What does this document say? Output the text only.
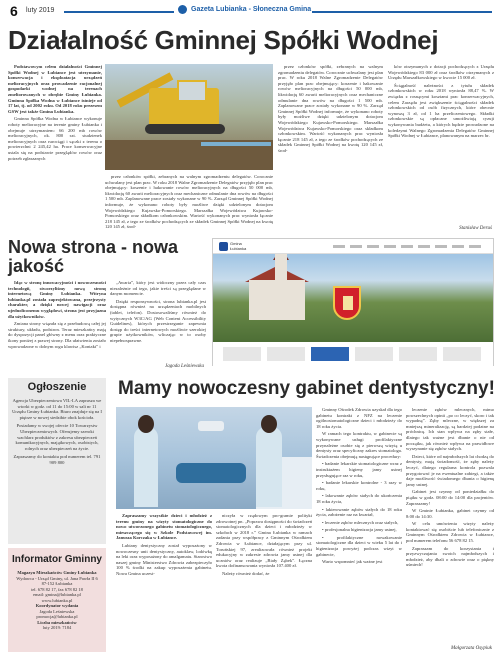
6 luty 2019	Gazeta Lubianka - Słoneczna Gmina
Działalność Gminnej Spółki Wodnej

Podstawowym celem działalności Gminnej Spółki Wodnej w Łubiance jest utrzymanie, konserwacja i eksploatacja urządzeń melioracyjnych oraz prowadzenie racjonalnej gospodarki wodnej na terenach zmeliorowanych w obrębie Gminy Łubianka. Gminna Spółka Wodna w Łubiance istnieje od 17 lat, tj. od 2002 roku. Od 2018 roku prezesem GSW jest także Gmina Łubianka.

Gminna Spółka Wodna w Łubiance wykonuje roboty melioracyjne na terenie gminy Łubianka i obejmuje utrzymaniem: 66 200 mb rowów melioracyjnych, ok. 800 szt. studzienek melioracyjnych oraz rurociągi i sączki z terenu o powierzchni 2 245,42 ha. Prace konserwacyjne ustala się na podstawie przeglądów rowów oraz potrzeb zgłaszanych

przez członków spółki, zebranych na walnym zgromadzeniu delegatów. Corocznie uchwalany jest plan prac. W roku 2018 Walne Zgromadzenie Delegatów przyjęło plan prac obejmujący: koszenie i hakowanie rowów melioracyjnych na długości 50 000 mb, likwidację 60 awarii melioracyjnych oraz mechaniczne odmulanie dna rowów na długości 1 500 mb. Zaplanowane prace zostały wykonane w 90 %. Zarząd Gminnej Spółki Wodnej informuje, że wykonano roboty były możliwe dzięki udzielonym dotacjom Wojewódzkiego Kujawsko-Pomorskiego. Marszałka Województwa Kujawsko-Pomorskiego oraz składkom członkowskim. Wartość wykonanych prac wyniosła łącznie 218 145 zł, z tego ze środków pochodzących ze składek Gminnej Spółki Wodnej na kwotę 120 145 zł, środ-

przez członków spółki, zebranych na walnym zgromadzeniu delegatów. Corocznie uchwalany jest plan prac. W roku 2018 Walne Zgromadzenie Delegatów przyjęło plan prac obejmujący: koszenie i hakowanie rowów melioracyjnych na długości 50 000 mb, likwidację 60 awarii melioracyjnych oraz mechaniczne odmulanie dna rowów na długości 1 500 mb. Zaplanowane prace zostały wykonane w 90 %. Zarząd Gminnej Spółki Wodnej informuje, że wykonano roboty były możliwe dzięki udzielonym dotacjom Wojewódzkiego Kujawsko-Pomorskiego. Marszałka Województwa Kujawsko-Pomorskiego oraz składkom członkowskim. Wartość wykonanych prac wyniosła łącznie 218 145 zł, z tego ze środków pochodzących ze składek Gminnej Spółki Wodnej na kwotę 120 145 zł, środ-

ków otrzymanych z dotacji pochodzących z Urzędu Wojewódzkiego 83 000 zł oraz środków otrzymanych z Urzędu Marszałkowskiego w kwocie 15 000 zł.

Ściągalność należności z tytułu składek członkowskich w roku 2018 wyniosła 88,47 %. W związku z rosnącymi kosztami prac konserwacyjnych, celem Zarządu jest zwiększenie ściągalności składek członkowskich od osób fizycznych, które obecnie wynoszą 3 zł, od 1 ha przeliczeniowego. Składki członkowskie są opłacane umożliwiają cyzuji wykonywania budżetu, a których będzie prowadzone na koledzymi Walnego Zgromadzenia Delegatów Gminnej Spółki Wodnej w Łubiance, planowanym na marzec br.

Stanisław Deruś
Nowa strona - nowa jakość

Idąc w stronę innowacyjności i nowoczesności technologii, stworzyliśmy nową stronę internetową Gminy Łubianka. Witryna lubianka.pl została zaprojektowana, przejrzysty charakter, a dzięki nowej nawigacji oraz ujednoliconemu wyglądowi, strona jest przyjazna dla użytkowników.

Zmiana strony wiązała się z przebudową całej jej struktury, układu, podstron. Teraz mieszkańcy mają do dyspozycji panel główny z menu oraz praktyczne ikony poniżej z prawej strony. Dla ułatwienia zostało wprowadzone w dolnym rogu klawisz „Kontakt” i

„Awaria”, który jest widoczny przez cały czas niezależnie od tego, jakie treści są przeglądane w danym momencie.

Dzięki responsywności, strona lubianka.pl jest dostępna również na urządzeniach mobilnych (tablet, telefon). Dostosowaliśmy również do wytycznych W3C/AG (Web Content Accessibility Guidelines), których przestrzeganie zapewnia dostęp do treści internetowych możliwie szerokiej grupie użytkowników, wliczając w to osoby niepełnosprawne.

Jagoda Leśniewska
Gmina
Łubianka
Ogłoszenie

Agencja Ubezpieczeniowa VIL-LA zaprasza we wtorki w godz. od 11 do 15:00 w sali nr 11 Urzędu Gminy Łubianka. Biuro znajduje się na I piętrze w nowej siedzibie obok kościoła.

Posiadamy w swojej ofercie 10 Towarzystw Ubezpieczeniowych. Oferujemy szeroki wachlarz produktów z zakresu ubezpieczeń komunikacyjnych, majątkowych, osobistych, rolnych oraz ubezpieczeń na życie.

Zapraszamy do kontaktu pod numerem tel. 791 909 800

Informator Gminny
Magazyn Mieszkańców Gminy Łubianka
Wydawca - Urząd Gminy, ul. Jana Pawła II 6
87-152 Łubianka
tel. 678 82 17, fax 678 82 18
email: gmina@lubianka.pl
www.lubianka.pl
Koordynator wydania
Jagoda Leśniewska
promocja@lubianka.pl
Liczba mieszkańców
luty 2019: 7184
Mamy nowoczesny gabinet dentystyczny!

Zapraszamy wszystkie dzieci i młodzież z terenu gminy na wizyty stomatologiczne do nowo utworzonego gabinetu stomatologicznego, mieszczącego się w Szkole Podstawowej im. Janusza Korczaka w Łubiance.

Lubiany dentystyczny został wyposażony w nowoczesny unit dentystyczny, autoklaw, lodówkę na leki oraz wyposażony do amalgamatu. Starostwo naszej gminy Ministerstwo Zdrowia zabezpieczyło 100 % środki na zakup wyposażenia gabinetu. Nowa Gmina uczest-

niczyła w rządowym pro-gramie polityki zdrowotnej pn. „Poprawa dostępności do świadczeń stomatologicznych dla dzieci i młodzieży w szkołach w 2018 r.” Gmina Łubianka w ramach zadania przy współpracy z Gminnym Ośrodkiem Zdrowia w Łubiance, działającym przy ul. Toruńskiej 97, zrealizowała również projekt edukacyjny w zakresie zdrowia jamy ustnej dla uczniów oraz realizuje „Biały Ząbek”. Łączna kwota dofinansowania wyniosła 107.400 zł.

Należy również dodać, że

Gminny Ośrodek Zdrowia uzyskał dla tego gabinetu kontrakt z NFZ na leczenie ogólnostomatologiczne dzieci i młodzieży do 18 roku życia.

W ramach tego kontraktu, w gabinecie są wykonywane usługi profilaktyczne przynależne osobie się z pierwszą wizytą u dentysty oraz specyficzny zakres stomatologa. Świadczenia obejmują następujące procedury:

• badanie lekarskie stomatologiczne wraz z instruktażem higieny jamy ustnej przysługujące raz w roku,

• badanie lekarskie kontrolne - 3 razy w roku,

• lakowanie zębów stałych do ukończenia 18 roku życia,

• lakierowanie zębów stałych do 18 roku życia, założenie raz na kwartał,

• leczenie zębów mlecznych oraz stałych,

• profesjonalna higienizacja jamy ustnej,

• profilaktyczne nowakowanie stomatologiczne dla dzieci w wieku 5 lat do i higienizacja powyżej podczas wizyt w gabinecie,

Warto wspomnieć jak ważne jest

leczenie zębów mlecznych, mimo powszechnych opinii „po co leczyć, skoro i tak wypadną”. Zęby mleczne, w większej za mniejszą mineralizację, są bardziej podatne na próchnicę. Ich stan wpływa na zęby stałe, dlatego tak ważne jest dbanie o nie od początku, jak również wpływa na prawidłowe wyrzynanie się zębów stałych.

Dzieci, które od najmłodszych lat chodzą do dentysty, mają świadomość, że zęby należy leczyć, dlatego regularna kontrola pozwala przygotować je na ewentualne zabiegi, a także daje możliwość świadomego dbania o higienę jamy ustnej.

Gabinet jest czynny od poniedziałku do piątku w godz. 08:00 do 14:00 dla pacjentów. Zapraszamy!

W Gminie Łubianka, gabinet czynny od 8:00 do 14:30.

W celu umówienia wizyty należy kontaktować się osobiście lub telefonicznie z Gminnym Ośrodkiem Zdrowia w Łubiance, pod numerem telefonu 56 678 82 15.

Zapraszam do korzystania i przyzwyczajania swoich najmłodszych i młodzież, aby dbali o zdrowie oraz o piękny uśmiech!

Małgorzata Osypiuk
